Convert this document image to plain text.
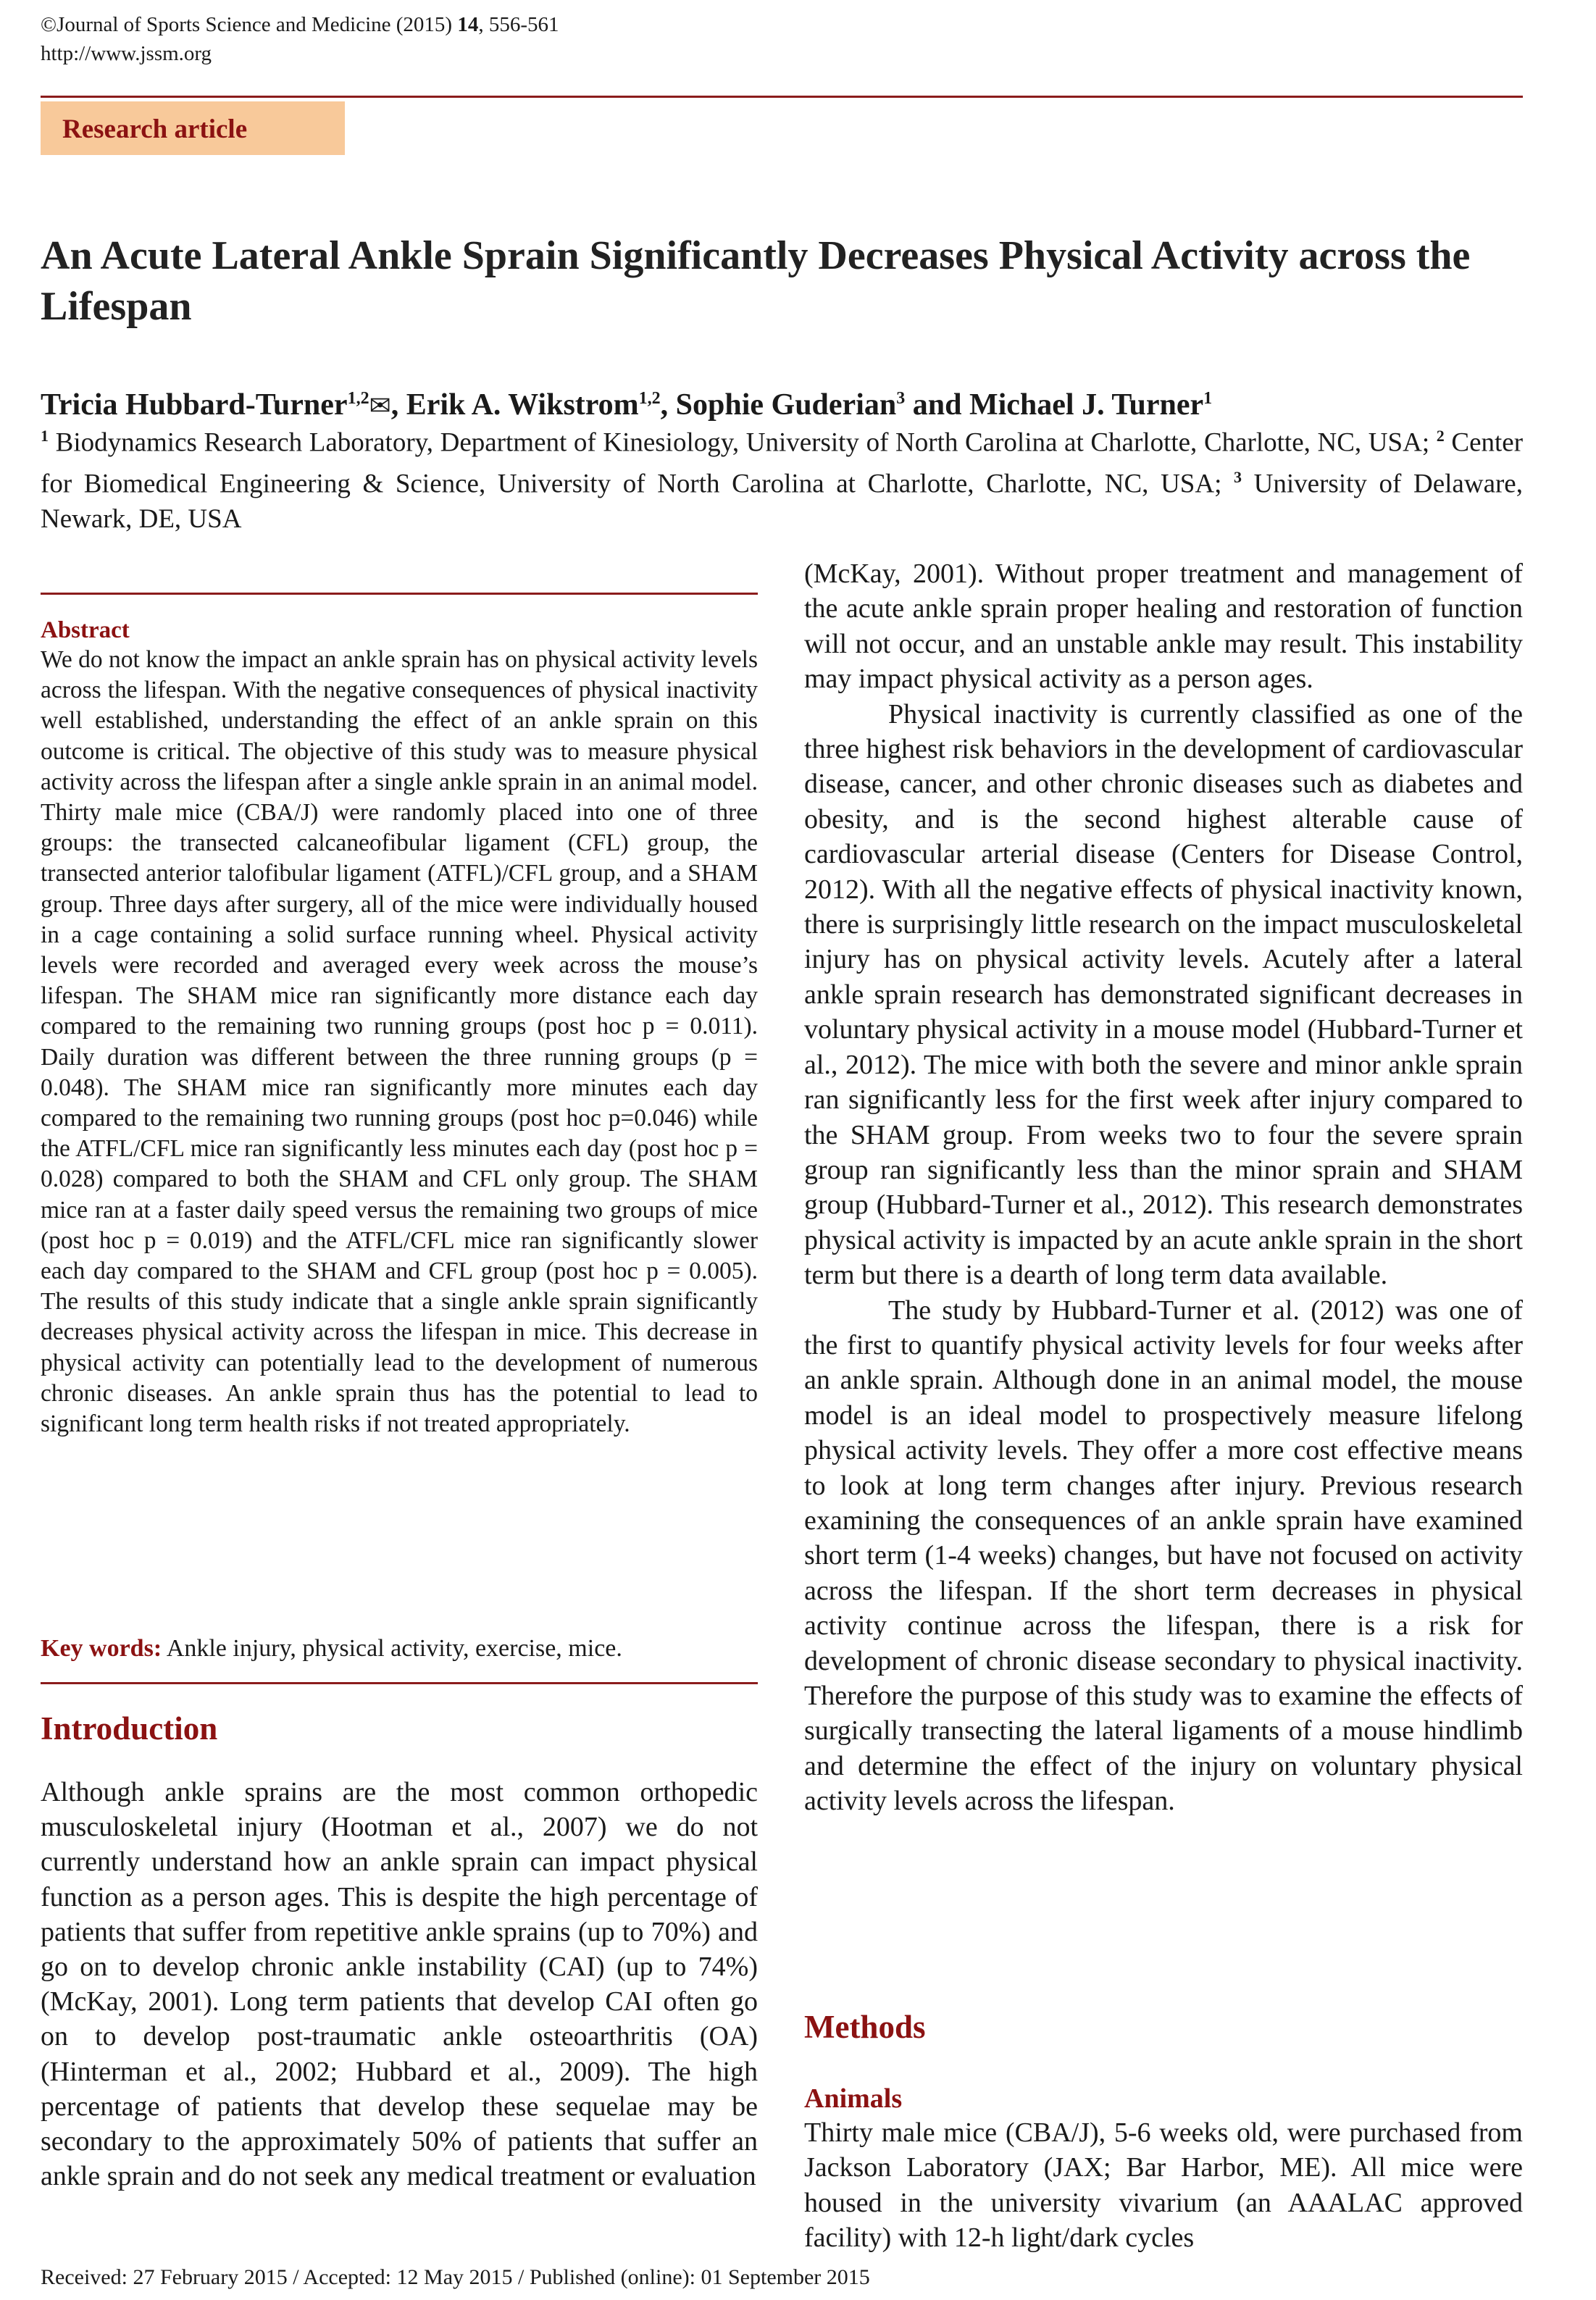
©Journal of Sports Science and Medicine (2015) 14, 556-561
http://www.jssm.org
Research article
An Acute Lateral Ankle Sprain Significantly Decreases Physical Activity across the Lifespan
Tricia Hubbard-Turner$^{1,2}$✉, Erik A. Wikstrom$^{1,2}$, Sophie Guderian$^3$ and Michael J. Turner$^1$
$^1$ Biodynamics Research Laboratory, Department of Kinesiology, University of North Carolina at Charlotte, Charlotte, NC, USA; $^2$ Center for Biomedical Engineering & Science, University of North Carolina at Charlotte, Charlotte, NC, USA; $^3$ University of Delaware, Newark, DE, USA
Abstract
We do not know the impact an ankle sprain has on physical activity levels across the lifespan. With the negative consequences of physical inactivity well established, understanding the effect of an ankle sprain on this outcome is critical. The objective of this study was to measure physical activity across the lifespan after a single ankle sprain in an animal model. Thirty male mice (CBA/J) were randomly placed into one of three groups: the transected calcaneofibular ligament (CFL) group, the transected anterior talofibular ligament (ATFL)/CFL group, and a SHAM group. Three days after surgery, all of the mice were individually housed in a cage containing a solid surface running wheel. Physical activity levels were recorded and averaged every week across the mouse’s lifespan. The SHAM mice ran significantly more distance each day compared to the remaining two running groups (post hoc p = 0.011). Daily duration was different between the three running groups (p = 0.048). The SHAM mice ran significantly more minutes each day compared to the remaining two running groups (post hoc p=0.046) while the ATFL/CFL mice ran significantly less minutes each day (post hoc p = 0.028) compared to both the SHAM and CFL only group. The SHAM mice ran at a faster daily speed versus the remaining two groups of mice (post hoc p = 0.019) and the ATFL/CFL mice ran significantly slower each day compared to the SHAM and CFL group (post hoc p = 0.005). The results of this study indicate that a single ankle sprain significantly decreases physical activity across the lifespan in mice. This decrease in physical activity can potentially lead to the development of numerous chronic diseases. An ankle sprain thus has the potential to lead to significant long term health risks if not treated appropriately.
Key words: Ankle injury, physical activity, exercise, mice.
Introduction
Although ankle sprains are the most common orthopedic musculoskeletal injury (Hootman et al., 2007) we do not currently understand how an ankle sprain can impact physical function as a person ages. This is despite the high percentage of patients that suffer from repetitive ankle sprains (up to 70%) and go on to develop chronic ankle instability (CAI) (up to 74%)(McKay, 2001). Long term patients that develop CAI often go on to develop post-traumatic ankle osteoarthritis (OA) (Hinterman et al., 2002; Hubbard et al., 2009). The high percentage of patients that develop these sequelae may be secondary to the approximately 50% of patients that suffer an ankle sprain and do not seek any medical treatment or evaluation

(McKay, 2001). Without proper treatment and management of the acute ankle sprain proper healing and restoration of function will not occur, and an unstable ankle may result. This instability may impact physical activity as a person ages.

Physical inactivity is currently classified as one of the three highest risk behaviors in the development of cardiovascular disease, cancer, and other chronic diseases such as diabetes and obesity, and is the second highest alterable cause of cardiovascular arterial disease (Centers for Disease Control, 2012). With all the negative effects of physical inactivity known, there is surprisingly little research on the impact musculoskeletal injury has on physical activity levels. Acutely after a lateral ankle sprain research has demonstrated significant decreases in voluntary physical activity in a mouse model (Hubbard-Turner et al., 2012). The mice with both the severe and minor ankle sprain ran significantly less for the first week after injury compared to the SHAM group. From weeks two to four the severe sprain group ran significantly less than the minor sprain and SHAM group (Hubbard-Turner et al., 2012). This research demonstrates physical activity is impacted by an acute ankle sprain in the short term but there is a dearth of long term data available.

The study by Hubbard-Turner et al. (2012) was one of the first to quantify physical activity levels for four weeks after an ankle sprain. Although done in an animal model, the mouse model is an ideal model to prospectively measure lifelong physical activity levels. They offer a more cost effective means to look at long term changes after injury. Previous research examining the consequences of an ankle sprain have examined short term (1-4 weeks) changes, but have not focused on activity across the lifespan. If the short term decreases in physical activity continue across the lifespan, there is a risk for development of chronic disease secondary to physical inactivity. Therefore the purpose of this study was to examine the effects of surgically transecting the lateral ligaments of a mouse hindlimb and determine the effect of the injury on voluntary physical activity levels across the lifespan.

Methods
Animals
Thirty male mice (CBA/J), 5-6 weeks old, were purchased from Jackson Laboratory (JAX; Bar Harbor, ME). All mice were housed in the university vivarium (an AAALAC approved facility) with 12-h light/dark cycles
Received: 27 February 2015 / Accepted: 12 May 2015 / Published (online): 01 September 2015
